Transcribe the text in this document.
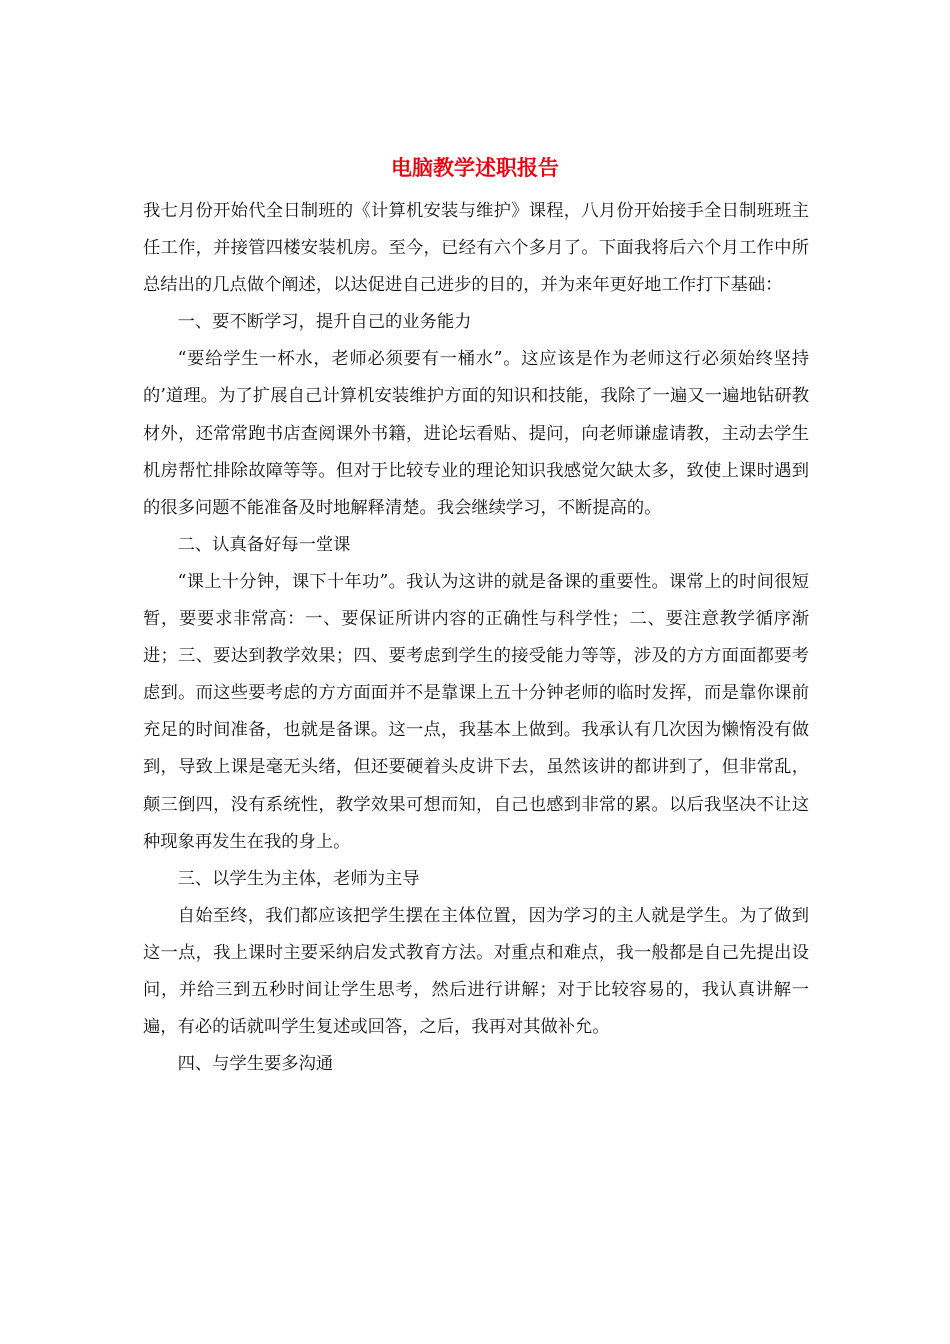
电脑教学述职报告

我七月份开始代全日制班的《计算机安装与维护》课程，八月份开始接手全日制班班主任工作，并接管四楼安装机房。至今，已经有六个多月了。下面我将后六个月工作中所总结出的几点做个阐述，以达促进自己进步的目的，并为来年更好地工作打下基础：

一、要不断学习，提升自己的业务能力

“要给学生一杯水，老师必须要有一桶水”。这应该是作为老师这行必须始终坚持的’道理。为了扩展自己计算机安装维护方面的知识和技能，我除了一遍又一遍地钻研教材外，还常常跑书店查阅课外书籍，进论坛看贴、提问，向老师谦虚请教，主动去学生机房帮忙排除故障等等。但对于比较专业的理论知识我感觉欠缺太多，致使上课时遇到的很多问题不能准备及时地解释清楚。我会继续学习，不断提高的。

二、认真备好每一堂课

“课上十分钟，课下十年功”。我认为这讲的就是备课的重要性。课常上的时间很短暂，要要求非常高：一、要保证所讲内容的正确性与科学性；二、要注意教学循序渐进；三、要达到教学效果；四、要考虑到学生的接受能力等等，涉及的方方面面都要考虑到。而这些要考虑的方方面面并不是靠课上五十分钟老师的临时发挥，而是靠你课前充足的时间准备，也就是备课。这一点，我基本上做到。我承认有几次因为懒惰没有做到，导致上课是毫无头绪，但还要硬着头皮讲下去，虽然该讲的都讲到了，但非常乱，颠三倒四，没有系统性，教学效果可想而知，自己也感到非常的累。以后我坚决不让这种现象再发生在我的身上。

三、以学生为主体，老师为主导

自始至终，我们都应该把学生摆在主体位置，因为学习的主人就是学生。为了做到这一点，我上课时主要采纳启发式教育方法。对重点和难点，我一般都是自己先提出设问，并给三到五秒时间让学生思考，然后进行讲解；对于比较容易的，我认真讲解一遍，有必的话就叫学生复述或回答，之后，我再对其做补允。

四、与学生要多沟通
